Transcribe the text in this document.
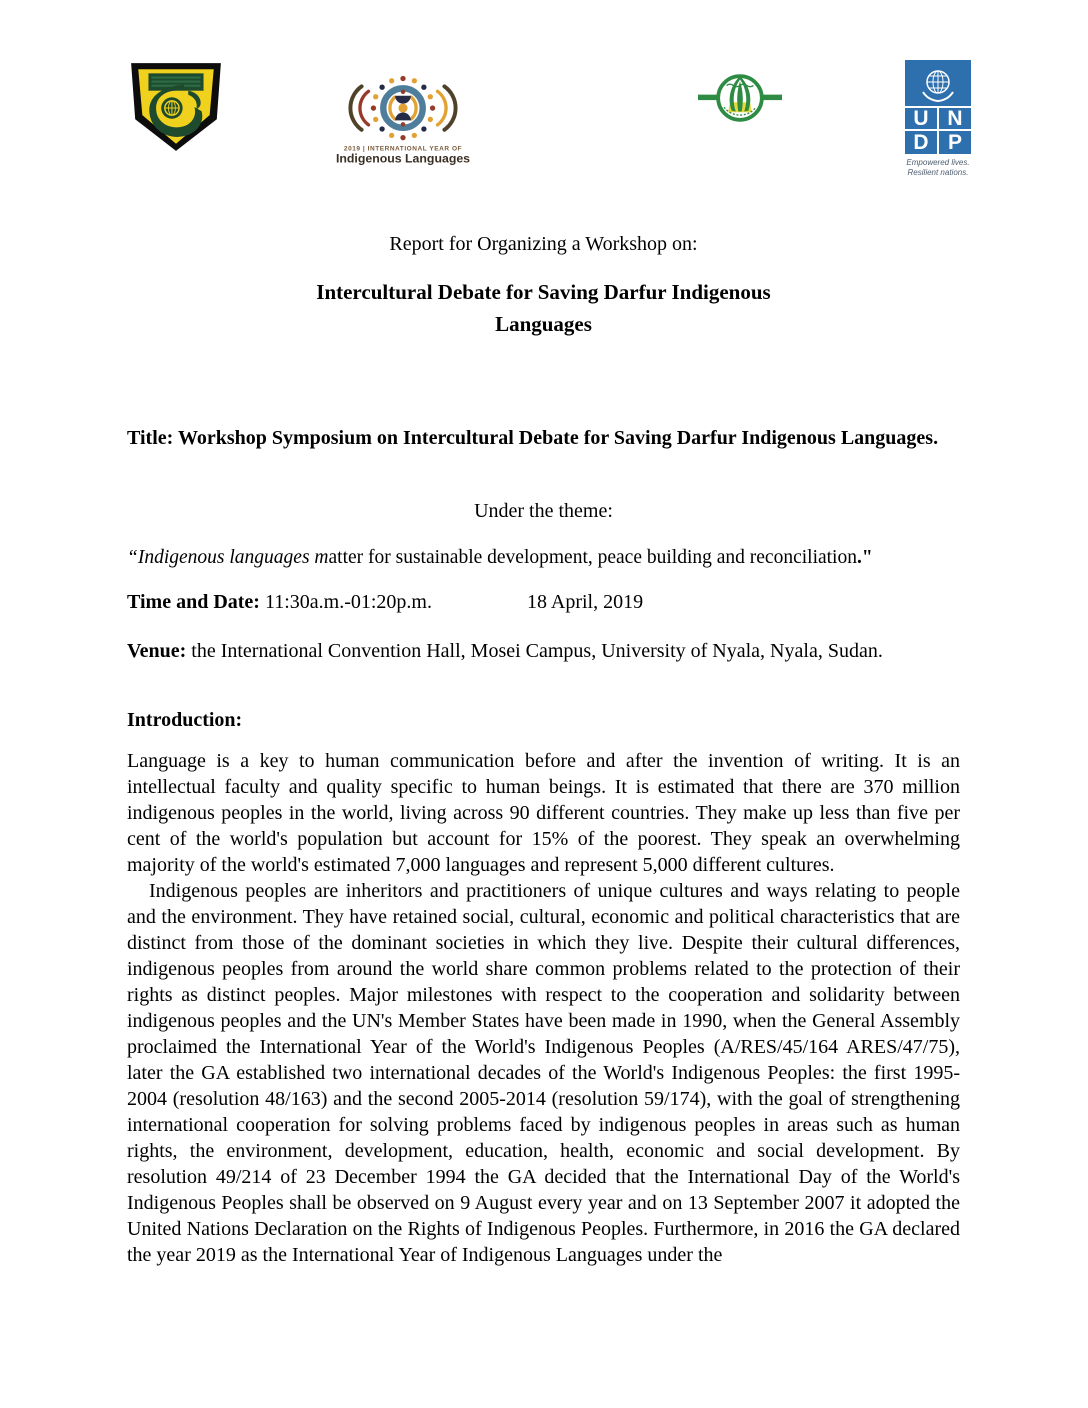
2019 | INTERNATIONAL YEAR OF
Indigenous Languages
U N
D P
Empowered lives.
Resilient nations.

Report for Organizing a Workshop on:

Intercultural Debate for Saving Darfur Indigenous
Languages

Title: Workshop Symposium on Intercultural Debate for Saving Darfur Indigenous Languages.

Under the theme:

“Indigenous languages matter for sustainable development, peace building and reconciliation."

Time and Date: 11:30a.m.-01:20p.m.	18 April, 2019

Venue: the International Convention Hall, Mosei Campus, University of Nyala, Nyala, Sudan.

Introduction:

Language is a key to human communication before and after the invention of writing. It is an intellectual faculty and quality specific to human beings. It is estimated that there are 370 million indigenous peoples in the world, living across 90 different countries. They make up less than five per cent of the world's population but account for 15% of the poorest. They speak an overwhelming majority of the world's estimated 7,000 languages and represent 5,000 different cultures.

Indigenous peoples are inheritors and practitioners of unique cultures and ways relating to people and the environment. They have retained social, cultural, economic and political characteristics that are distinct from those of the dominant societies in which they live. Despite their cultural differences, indigenous peoples from around the world share common problems related to the protection of their rights as distinct peoples. Major milestones with respect to the cooperation and solidarity between indigenous peoples and the UN's Member States have been made in 1990, when the General Assembly proclaimed the International Year of the World's Indigenous Peoples (A/RES/45/164 ARES/47/75), later the GA established two international decades of the World's Indigenous Peoples: the first 1995-2004 (resolution 48/163) and the second 2005-2014 (resolution 59/174), with the goal of strengthening international cooperation for solving problems faced by indigenous peoples in areas such as human rights, the environment, development, education, health, economic and social development. By resolution 49/214 of 23 December 1994 the GA decided that the International Day of the World's Indigenous Peoples shall be observed on 9 August every year and on 13 September 2007 it adopted the United Nations Declaration on the Rights of Indigenous Peoples. Furthermore, in 2016 the GA declared the year 2019 as the International Year of Indigenous Languages under the
